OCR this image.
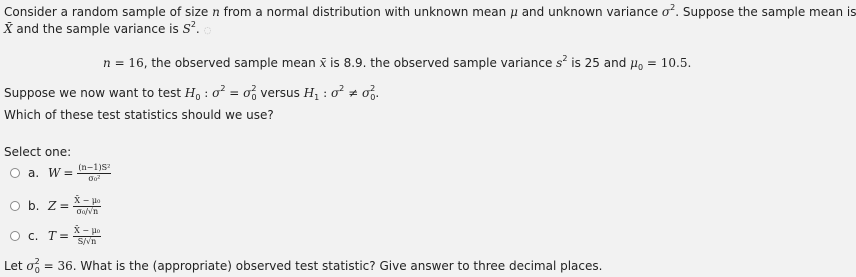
Consider a random sample of size n from a normal distribution with unknown mean μ and unknown variance $\sigma^2$. Suppose the sample mean is
X̄ and the sample variance is $S^2$. ◌
n = 16, the observed sample mean x̄ is 8.9. the observed sample variance $s^2$ is 25 and $\mu_0 = 10.5$.
Suppose we now want to test $H_0$ : $\sigma^2 = \sigma^2_0$ versus $H_1$ : $\sigma^2 \ne \sigma^2_0$.
Which of these test statistics should we use?
Select one:
a. $W = \frac{\text{(n−1)S²}}{\text{σ₀²}}$
b. $Z = \frac{\text{X̄ − μ₀}}{\text{σ₀/√n}}$
c. $T = \frac{\text{X̄ − μ₀}}{S/√n}$
Let $\sigma^2_0 = 36$. What is the (appropriate) observed test statistic? Give answer to three decimal places.
